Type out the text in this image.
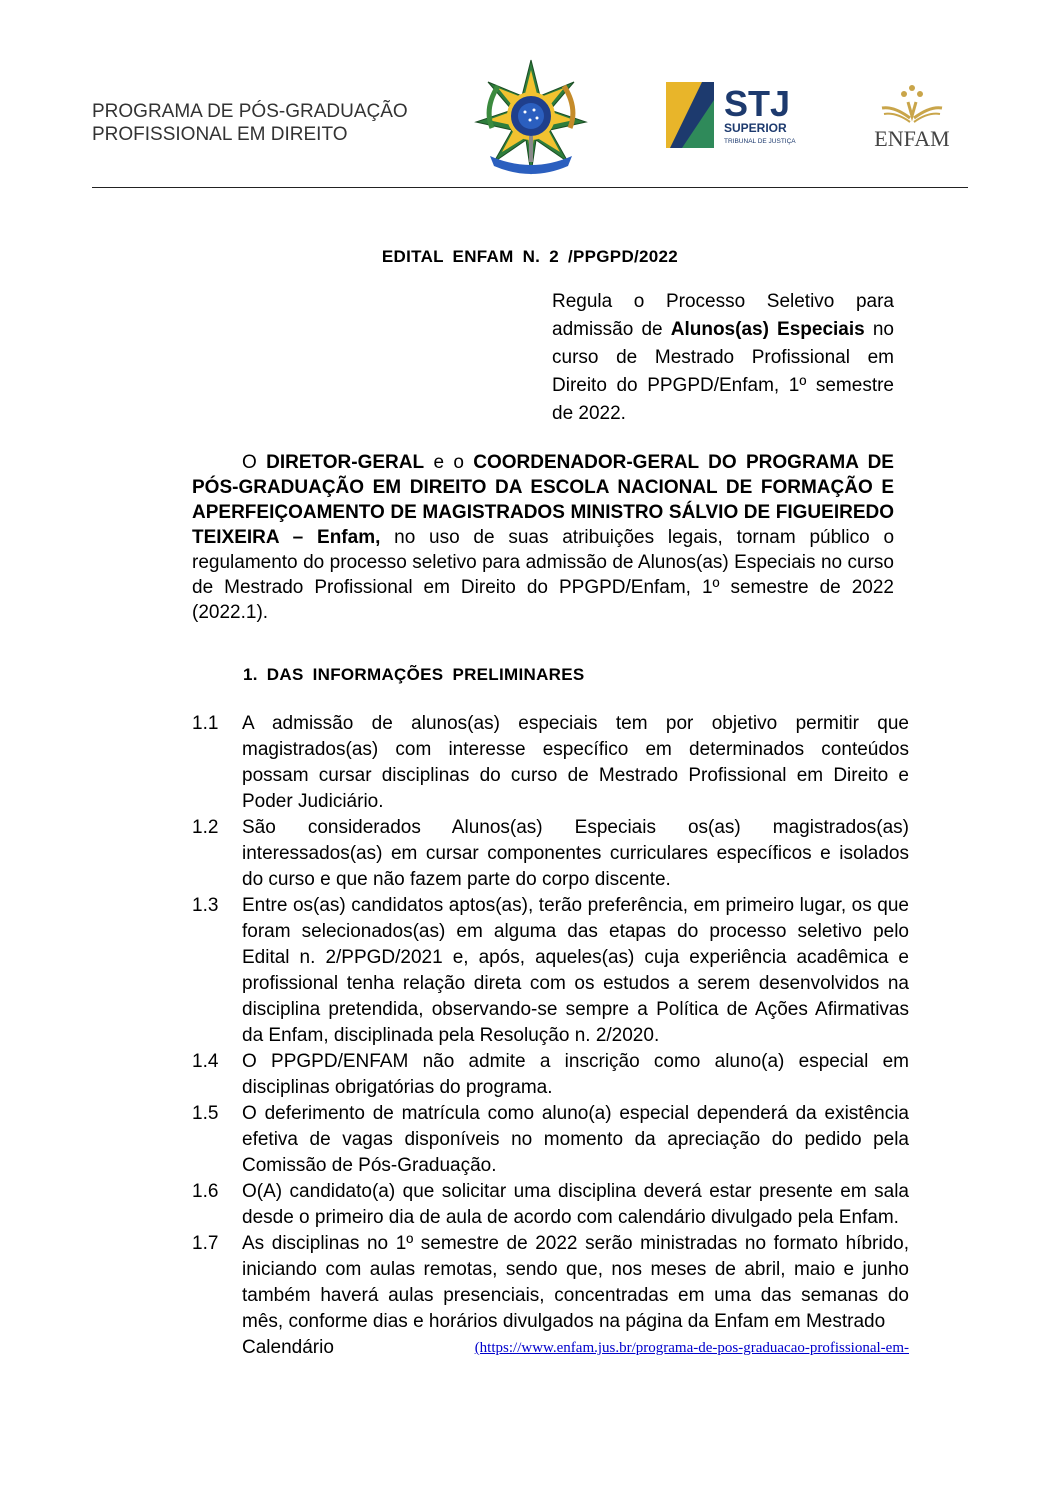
PROGRAMA DE PÓS-GRADUAÇÃO
PROFISSIONAL EM DIREITO
STJ
SUPERIOR
TRIBUNAL DE JUSTIÇA	ENFAM
EDITAL ENFAM N. 2 /PPGPD/2022
Regula o Processo Seletivo para admissão de Alunos(as) Especiais no curso de Mestrado Profissional em Direito do PPGPD/Enfam, 1º semestre de 2022.
O DIRETOR-GERAL e o COORDENADOR-GERAL DO PROGRAMA DE PÓS-GRADUAÇÃO EM DIREITO DA ESCOLA NACIONAL DE FORMAÇÃO E APERFEIÇOAMENTO DE MAGISTRADOS MINISTRO SÁLVIO DE FIGUEIREDO TEIXEIRA – Enfam, no uso de suas atribuições legais, tornam público o regulamento do processo seletivo para admissão de Alunos(as) Especiais no curso de Mestrado Profissional em Direito do PPGPD/Enfam, 1º semestre de 2022 (2022.1).
1. DAS INFORMAÇÕES PRELIMINARES
1.1	A admissão de alunos(as) especiais tem por objetivo permitir que magistrados(as) com interesse específico em determinados conteúdos possam cursar disciplinas do curso de Mestrado Profissional em Direito e Poder Judiciário.
1.2	São considerados Alunos(as) Especiais os(as) magistrados(as) interessados(as) em cursar componentes curriculares específicos e isolados do curso e que não fazem parte do corpo discente.
1.3	Entre os(as) candidatos aptos(as), terão preferência, em primeiro lugar, os que foram selecionados(as) em alguma das etapas do processo seletivo pelo Edital n. 2/PPGD/2021 e, após, aqueles(as) cuja experiência acadêmica e profissional tenha relação direta com os estudos a serem desenvolvidos na disciplina pretendida, observando-se sempre a Política de Ações Afirmativas da Enfam, disciplinada pela Resolução n. 2/2020.
1.4	O PPGPD/ENFAM não admite a inscrição como aluno(a) especial em disciplinas obrigatórias do programa.
1.5	O deferimento de matrícula como aluno(a) especial dependerá da existência efetiva de vagas disponíveis no momento da apreciação do pedido pela Comissão de Pós-Graduação.
1.6	O(A) candidato(a) que solicitar uma disciplina deverá estar presente em sala desde o primeiro dia de aula de acordo com calendário divulgado pela Enfam.
1.7	As disciplinas no 1º semestre de 2022 serão ministradas no formato híbrido, iniciando com aulas remotas, sendo que, nos meses de abril, maio e junho também haverá aulas presenciais, concentradas em uma das semanas do mês, conforme dias e horários divulgados na página da Enfam em Mestrado
Calendário	(https://www.enfam.jus.br/programa-de-pos-graduacao-profissional-em-
